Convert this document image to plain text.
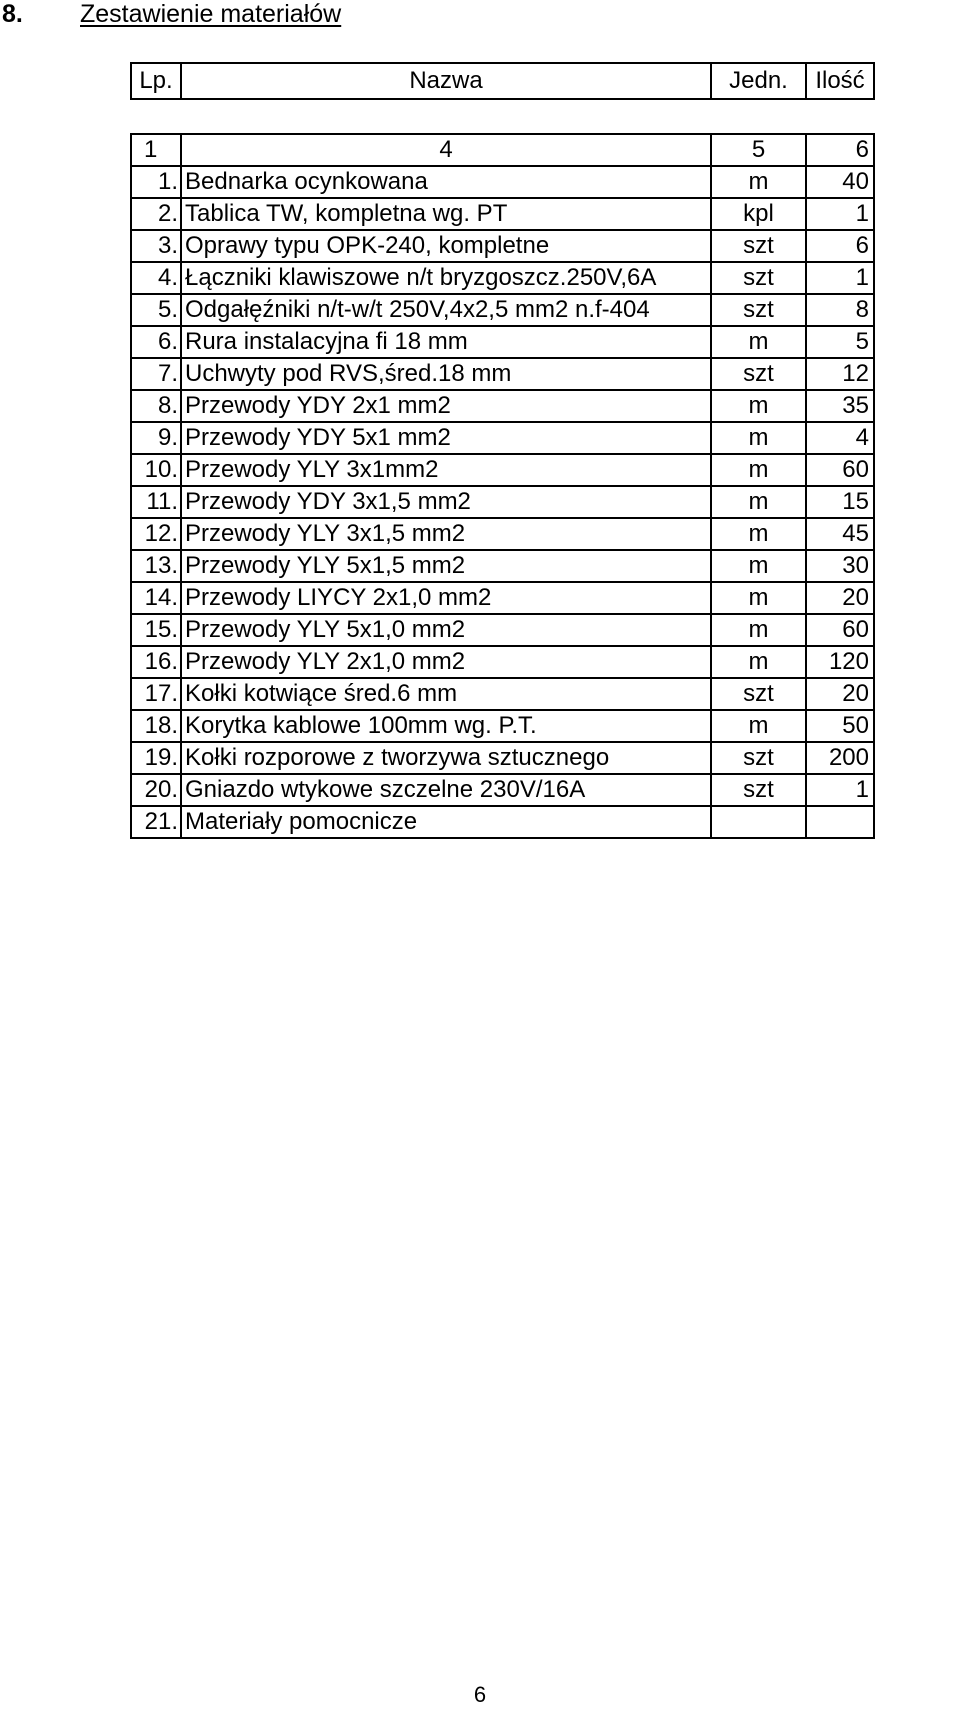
8. Zestawienie materiałów
Lp.	Nazwa	Jedn.	Ilość
1	4	5	6
1.	Bednarka ocynkowana	m	40
2.	Tablica TW, kompletna wg. PT	kpl	1
3.	Oprawy typu OPK-240, kompletne	szt	6
4.	Łączniki klawiszowe n/t bryzgoszcz.250V,6A	szt	1
5.	Odgałęźniki n/t-w/t 250V,4x2,5 mm2 n.f-404	szt	8
6.	Rura instalacyjna fi 18 mm	m	5
7.	Uchwyty pod RVS,śred.18 mm	szt	12
8.	Przewody YDY 2x1 mm2	m	35
9.	Przewody YDY 5x1 mm2	m	4
10.	Przewody YLY 3x1mm2	m	60
11.	Przewody YDY 3x1,5 mm2	m	15
12.	Przewody YLY 3x1,5 mm2	m	45
13.	Przewody YLY 5x1,5 mm2	m	30
14.	Przewody LIYCY 2x1,0 mm2	m	20
15.	Przewody YLY 5x1,0 mm2	m	60
16.	Przewody YLY 2x1,0 mm2	m	120
17.	Kołki kotwiące śred.6 mm	szt	20
18.	Korytka kablowe 100mm wg. P.T.	m	50
19.	Kołki rozporowe z tworzywa sztucznego	szt	200
20.	Gniazdo wtykowe szczelne 230V/16A	szt	1
21.	Materiały pomocnicze		
6
